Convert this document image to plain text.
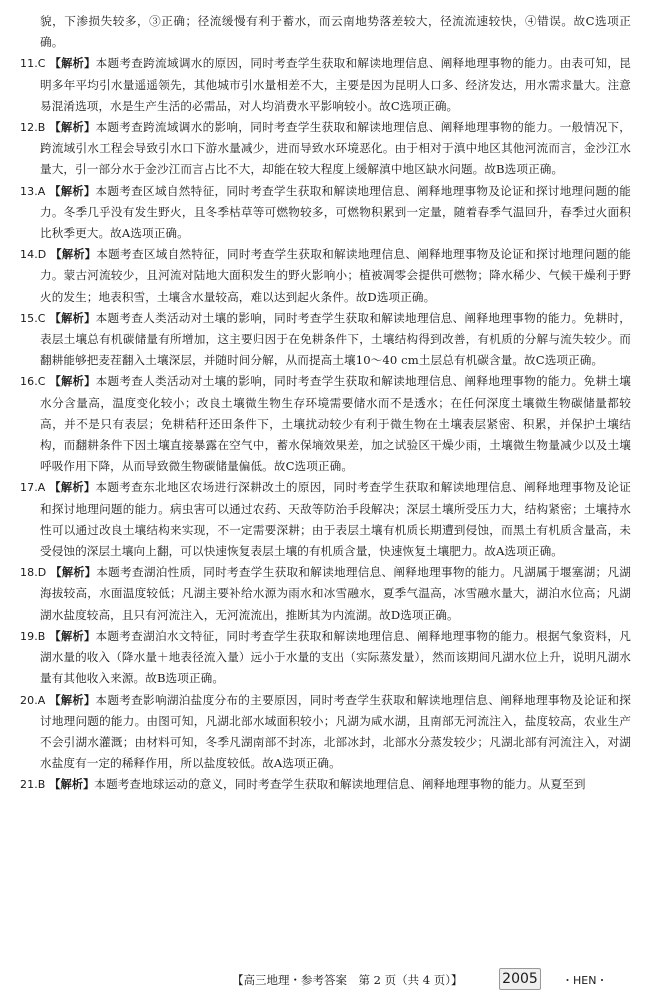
貌，下渗损失较多，③正确；径流缓慢有利于蓄水，而云南地势落差较大，径流流速较快，④错误。故C选项正确。

11.C 【解析】本题考查跨流域调水的原因，同时考查学生获取和解读地理信息、阐释地理事物的能力。由表可知，昆明多年平均引水量遥遥领先，其他城市引水量相差不大，主要是因为昆明人口多、经济发达，用水需求量大。注意易混淆选项，水是生产生活的必需品，对人均消费水平影响较小。故C选项正确。

12.B 【解析】本题考查跨流域调水的影响，同时考查学生获取和解读地理信息、阐释地理事物的能力。一般情况下，跨流域引水工程会导致引水口下游水量减少，进而导致水环境恶化。由于相对于滇中地区其他河流而言，金沙江水量大，引一部分水于金沙江而言占比不大，却能在较大程度上缓解滇中地区缺水问题。故B选项正确。

13.A 【解析】本题考查区域自然特征，同时考查学生获取和解读地理信息、阐释地理事物及论证和探讨地理问题的能力。冬季几乎没有发生野火，且冬季枯草等可燃物较多，可燃物积累到一定量，随着春季气温回升，春季过火面积比秋季更大。故A选项正确。

14.D 【解析】本题考查区域自然特征，同时考查学生获取和解读地理信息、阐释地理事物及论证和探讨地理问题的能力。蒙古河流较少，且河流对陆地大面积发生的野火影响小；植被凋零会提供可燃物；降水稀少、气候干燥利于野火的发生；地表积雪，土壤含水量较高，难以达到起火条件。故D选项正确。

15.C 【解析】本题考查人类活动对土壤的影响，同时考查学生获取和解读地理信息、阐释地理事物的能力。免耕时，表层土壤总有机碳储量有所增加，这主要归因于在免耕条件下，土壤结构得到改善，有机质的分解与流失较少。而翻耕能够把麦茬翻入土壤深层，并随时间分解，从而提高土壤10～40 cm土层总有机碳含量。故C选项正确。

16.C 【解析】本题考查人类活动对土壤的影响，同时考查学生获取和解读地理信息、阐释地理事物的能力。免耕土壤水分含量高，温度变化较小；改良土壤微生物生存环境需要储水而不是透水；在任何深度土壤微生物碳储量都较高，并不是只有表层；免耕秸秆还田条件下，土壤扰动较少有利于微生物在土壤表层紧密、积累，并保护土壤结构，而翻耕条件下因土壤直接暴露在空气中，蓄水保墒效果差，加之试验区干燥少雨，土壤微生物量减少以及土壤呼吸作用下降，从而导致微生物碳储量偏低。故C选项正确。

17.A 【解析】本题考查东北地区农场进行深耕改土的原因，同时考查学生获取和解读地理信息、阐释地理事物及论证和探讨地理问题的能力。病虫害可以通过农药、天敌等防治手段解决；深层土壤所受压力大，结构紧密；土壤持水性可以通过改良土壤结构来实现，不一定需要深耕；由于表层土壤有机质长期遭到侵蚀，而黑土有机质含量高，未受侵蚀的深层土壤向上翻，可以快速恢复表层土壤的有机质含量，快速恢复土壤肥力。故A选项正确。

18.D 【解析】本题考查湖泊性质，同时考查学生获取和解读地理信息、阐释地理事物的能力。凡湖属于堰塞湖；凡湖海拔较高，水面温度较低；凡湖主要补给水源为雨水和冰雪融水，夏季气温高，冰雪融水量大，湖泊水位高；凡湖湖水盐度较高，且只有河流注入，无河流流出，推断其为内流湖。故D选项正确。

19.B 【解析】本题考查湖泊水文特征，同时考查学生获取和解读地理信息、阐释地理事物的能力。根据气象资料，凡湖水量的收入（降水量＋地表径流入量）远小于水量的支出（实际蒸发量），然而该期间凡湖水位上升，说明凡湖水量有其他收入来源。故B选项正确。

20.A 【解析】本题考查影响湖泊盐度分布的主要原因，同时考查学生获取和解读地理信息、阐释地理事物及论证和探讨地理问题的能力。由图可知，凡湖北部水域面积较小；凡湖为咸水湖，且南部无河流注入，盐度较高，农业生产不会引湖水灌溉；由材料可知，冬季凡湖南部不封冻，北部冰封，北部水分蒸发较少；凡湖北部有河流注入，对湖水盐度有一定的稀释作用，所以盐度较低。故A选项正确。

21.B 【解析】本题考查地球运动的意义，同时考查学生获取和解读地理信息、阐释地理事物的能力。从夏至到

【高三地理・参考答案　第 2 页（共 4 页）】	2005 ・HEN・
